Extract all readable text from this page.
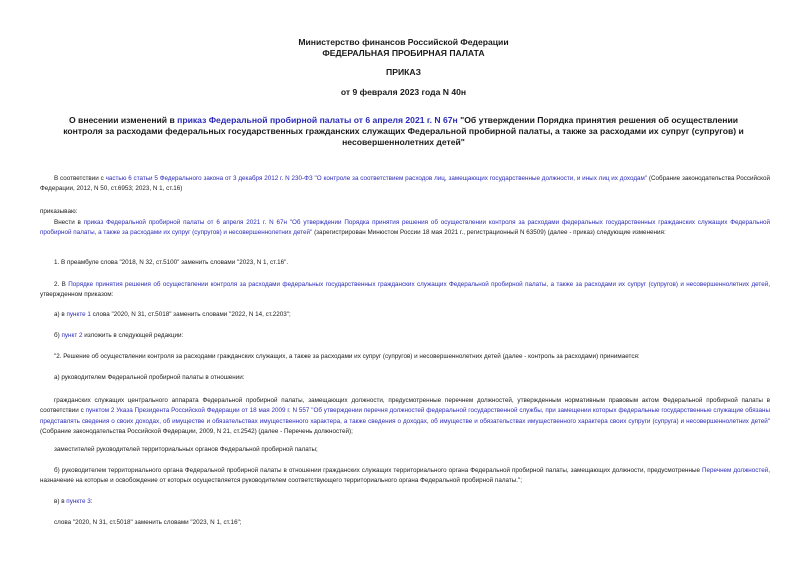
Министерство финансов Российской Федерации
ФЕДЕРАЛЬНАЯ ПРОБИРНАЯ ПАЛАТА
ПРИКАЗ
от 9 февраля 2023 года N 40н
О внесении изменений в приказ Федеральной пробирной палаты от 6 апреля 2021 г. N 67н "Об утверждении Порядка принятия решения об осуществлении контроля за расходами федеральных государственных гражданских служащих Федеральной пробирной палаты, а также за расходами их супруг (супругов) и несовершеннолетних детей"

В соответствии с частью 6 статьи 5 Федерального закона от 3 декабря 2012 г. N 230-ФЗ "О контроле за соответствием расходов лиц, замещающих государственные должности, и иных лиц их доходам" (Собрание законодательства Российской Федерации, 2012, N 50, ст.6953; 2023, N 1, ст.16)

приказываю:

Внести в приказ Федеральной пробирной палаты от 6 апреля 2021 г. N 67н "Об утверждении Порядка принятия решения об осуществлении контроля за расходами федеральных государственных гражданских служащих Федеральной пробирной палаты, а также за расходами их супруг (супругов) и несовершеннолетних детей" (зарегистрирован Минюстом России 18 мая 2021 г., регистрационный N 63509) (далее - приказ) следующие изменения:

1. В преамбуле слова "2018, N 32, ст.5100" заменить словами "2023, N 1, ст.16".

2. В Порядке принятия решения об осуществлении контроля за расходами федеральных государственных гражданских служащих Федеральной пробирной палаты, а также за расходами их супруг (супругов) и несовершеннолетних детей, утвержденном приказом:

а) в пункте 1 слова "2020, N 31, ст.5018" заменить словами "2022, N 14, ст.2203";

б) пункт 2 изложить в следующей редакции:

"2. Решение об осуществлении контроля за расходами гражданских служащих, а также за расходами их супруг (супругов) и несовершеннолетних детей (далее - контроль за расходами) принимается:

а) руководителем Федеральной пробирной палаты в отношении:

гражданских служащих центрального аппарата Федеральной пробирной палаты, замещающих должности, предусмотренные перечнем должностей, утвержденным нормативным правовым актом Федеральной пробирной палаты в соответствии с пунктом 2 Указа Президента Российской Федерации от 18 мая 2009 г. N 557 "Об утверждении перечня должностей федеральной государственной службы, при замещении которых федеральные государственные служащие обязаны представлять сведения о своих доходах, об имуществе и обязательствах имущественного характера, а также сведения о доходах, об имуществе и обязательствах имущественного характера своих супруги (супруга) и несовершеннолетних детей" (Собрание законодательства Российской Федерации, 2009, N 21, ст.2542) (далее - Перечень должностей);

заместителей руководителей территориальных органов Федеральной пробирной палаты;

б) руководителем территориального органа Федеральной пробирной палаты в отношении гражданских служащих территориального органа Федеральной пробирной палаты, замещающих должности, предусмотренные Перечнем должностей, назначение на которые и освобождение от которых осуществляется руководителем соответствующего территориального органа Федеральной пробирной палаты.";

в) в пункте 3:

слова "2020, N 31, ст.5018" заменить словами "2023, N 1, ст.16";
